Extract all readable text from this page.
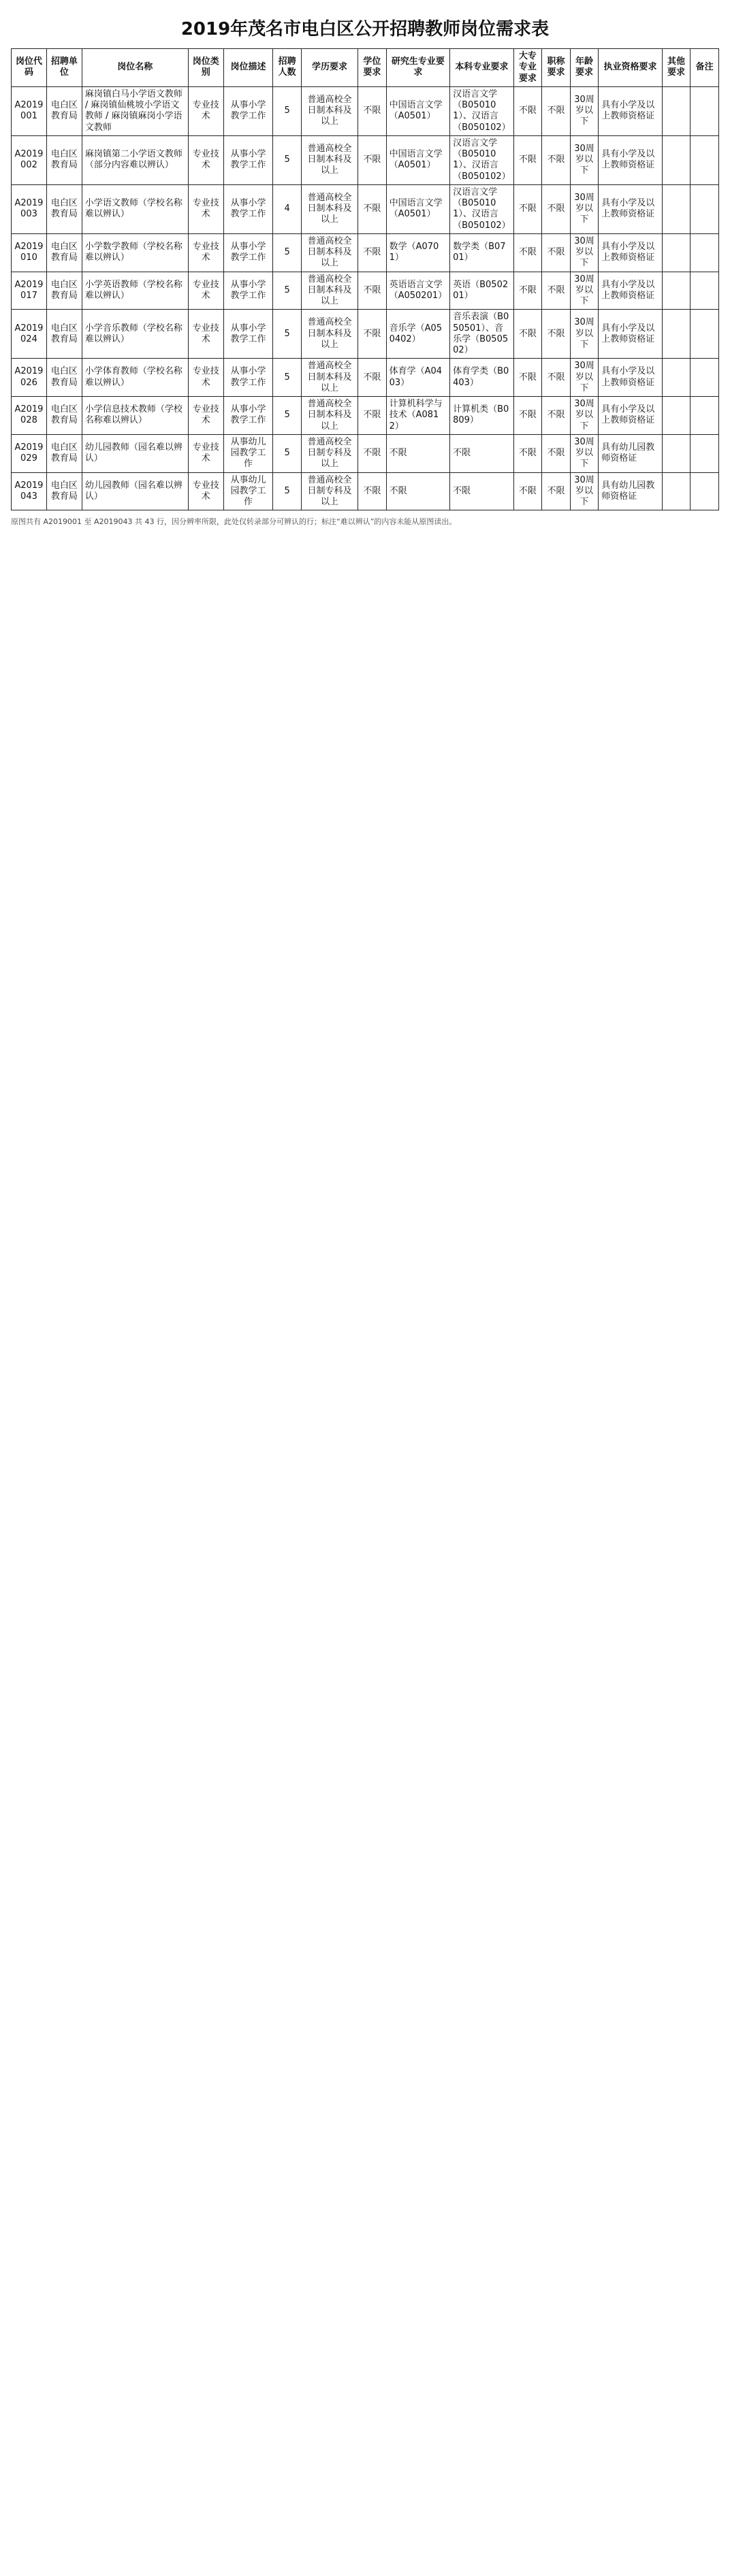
2019年茂名市电白区公开招聘教师岗位需求表
岗位代码	招聘单位	岗位名称	岗位类别	岗位描述	招聘人数	学历要求	学位要求	研究生专业要求	本科专业要求	大专专业要求	职称要求	年龄要求	执业资格要求	其他要求	备注
A2019001	电白区教育局	麻岗镇白马小学语文教师 / 麻岗镇仙桃坡小学语文教师 / 麻岗镇麻岗小学语文教师	专业技术	从事小学教学工作	5	普通高校全日制本科及以上	不限	中国语言文学（A0501）	汉语言文学（B050101）、汉语言（B050102）	不限	不限	30周岁以下	具有小学及以上教师资格证		
A2019002	电白区教育局	麻岗镇第二小学语文教师（部分内容难以辨认）	专业技术	从事小学教学工作	5	普通高校全日制本科及以上	不限	中国语言文学（A0501）	汉语言文学（B050101）、汉语言（B050102）	不限	不限	30周岁以下	具有小学及以上教师资格证		
A2019003	电白区教育局	小学语文教师（学校名称难以辨认）	专业技术	从事小学教学工作	4	普通高校全日制本科及以上	不限	中国语言文学（A0501）	汉语言文学（B050101）、汉语言（B050102）	不限	不限	30周岁以下	具有小学及以上教师资格证		
A2019010	电白区教育局	小学数学教师（学校名称难以辨认）	专业技术	从事小学教学工作	5	普通高校全日制本科及以上	不限	数学（A0701）	数学类（B0701）	不限	不限	30周岁以下	具有小学及以上教师资格证		
A2019017	电白区教育局	小学英语教师（学校名称难以辨认）	专业技术	从事小学教学工作	5	普通高校全日制本科及以上	不限	英语语言文学（A050201）	英语（B050201）	不限	不限	30周岁以下	具有小学及以上教师资格证		
A2019024	电白区教育局	小学音乐教师（学校名称难以辨认）	专业技术	从事小学教学工作	5	普通高校全日制本科及以上	不限	音乐学（A050402）	音乐表演（B050501）、音乐学（B050502）	不限	不限	30周岁以下	具有小学及以上教师资格证		
A2019026	电白区教育局	小学体育教师（学校名称难以辨认）	专业技术	从事小学教学工作	5	普通高校全日制本科及以上	不限	体育学（A0403）	体育学类（B0403）	不限	不限	30周岁以下	具有小学及以上教师资格证		
A2019028	电白区教育局	小学信息技术教师（学校名称难以辨认）	专业技术	从事小学教学工作	5	普通高校全日制本科及以上	不限	计算机科学与技术（A0812）	计算机类（B0809）	不限	不限	30周岁以下	具有小学及以上教师资格证		
A2019029	电白区教育局	幼儿园教师（园名难以辨认）	专业技术	从事幼儿园教学工作	5	普通高校全日制专科及以上	不限	不限	不限	不限	不限	30周岁以下	具有幼儿园教师资格证		
A2019043	电白区教育局	幼儿园教师（园名难以辨认）	专业技术	从事幼儿园教学工作	5	普通高校全日制专科及以上	不限	不限	不限	不限	不限	30周岁以下	具有幼儿园教师资格证		
原图共有 A2019001 至 A2019043 共 43 行，因分辨率所限，此处仅转录部分可辨认的行；标注“难以辨认”的内容未能从原图读出。
